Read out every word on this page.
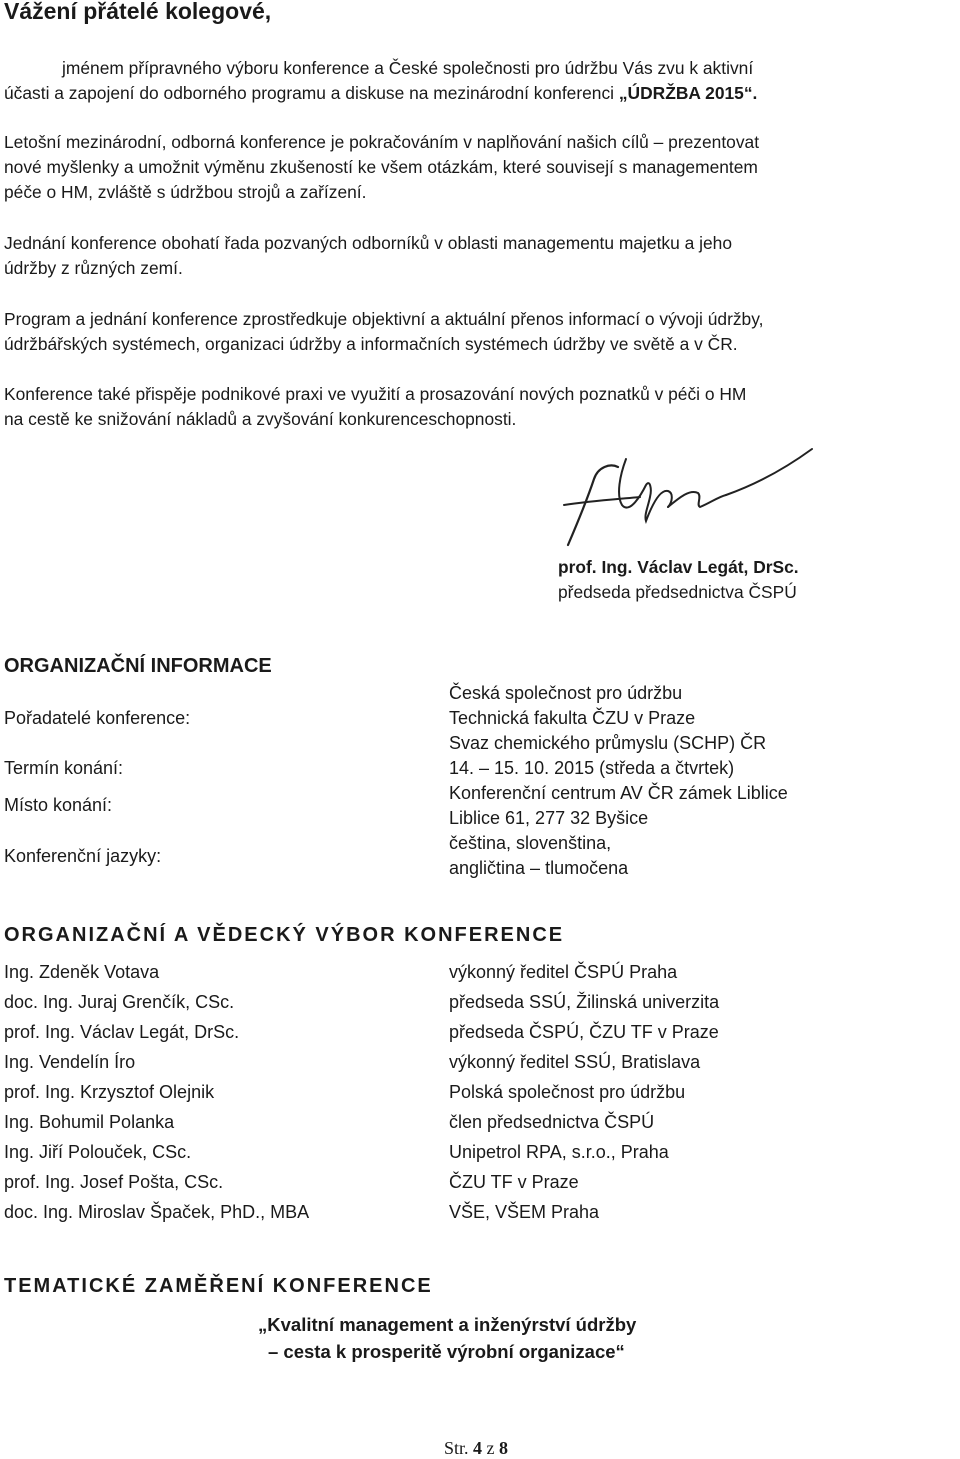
Vážení přátelé kolegové,
jménem přípravného výboru konference a České společnosti pro údržbu Vás zvu k aktivní
účasti a zapojení do odborného programu a diskuse na mezinárodní konferenci „ÚDRŽBA 2015“.
Letošní mezinárodní, odborná konference je pokračováním v naplňování našich cílů – prezentovat
nové myšlenky a umožnit výměnu zkušeností ke všem otázkám, které souvisejí s managementem
péče o HM, zvláště s údržbou strojů a zařízení.
Jednání konference obohatí řada pozvaných odborníků v oblasti managementu majetku a jeho
údržby z různých zemí.
Program a jednání konference zprostředkuje objektivní a aktuální přenos informací o vývoji údržby,
údržbářských systémech, organizaci údržby a informačních systémech údržby ve světě a v ČR.
Konference také přispěje podnikové praxi ve využití a prosazování nových poznatků v péči o HM
na cestě ke snižování nákladů a zvyšování konkurenceschopnosti.
prof. Ing. Václav Legát, DrSc.
předseda předsednictva ČSPÚ
ORGANIZAČNÍ INFORMACE
Pořadatelé konference:
Česká společnost pro údržbu
Technická fakulta ČZU v Praze
Svaz chemického průmyslu (SCHP) ČR
Termín konání:	14. – 15. 10. 2015 (středa a čtvrtek)
Místo konání:
Konferenční centrum AV ČR zámek Liblice
Liblice 61, 277 32 Byšice
Konferenční jazyky:
čeština, slovenština,
angličtina – tlumočena
ORGANIZAČNÍ A VĚDECKÝ VÝBOR KONFERENCE
Ing. Zdeněk Votava	výkonný ředitel ČSPÚ Praha
doc. Ing. Juraj Grenčík, CSc.	předseda SSÚ, Žilinská univerzita
prof. Ing. Václav Legát, DrSc.	předseda ČSPÚ, ČZU TF v Praze
Ing. Vendelín Íro	výkonný ředitel SSÚ, Bratislava
prof. Ing. Krzysztof Olejnik	Polská společnost pro údržbu
Ing. Bohumil Polanka	člen předsednictva ČSPÚ
Ing. Jiří Polouček, CSc.	Unipetrol RPA, s.r.o., Praha
prof. Ing. Josef Pošta, CSc.	ČZU TF v Praze
doc. Ing. Miroslav Špaček, PhD., MBA	VŠE, VŠEM Praha
TEMATICKÉ ZAMĚŘENÍ KONFERENCE
„Kvalitní management a inženýrství údržby
– cesta k prosperitě výrobní organizace“
Str. 4 z 8
